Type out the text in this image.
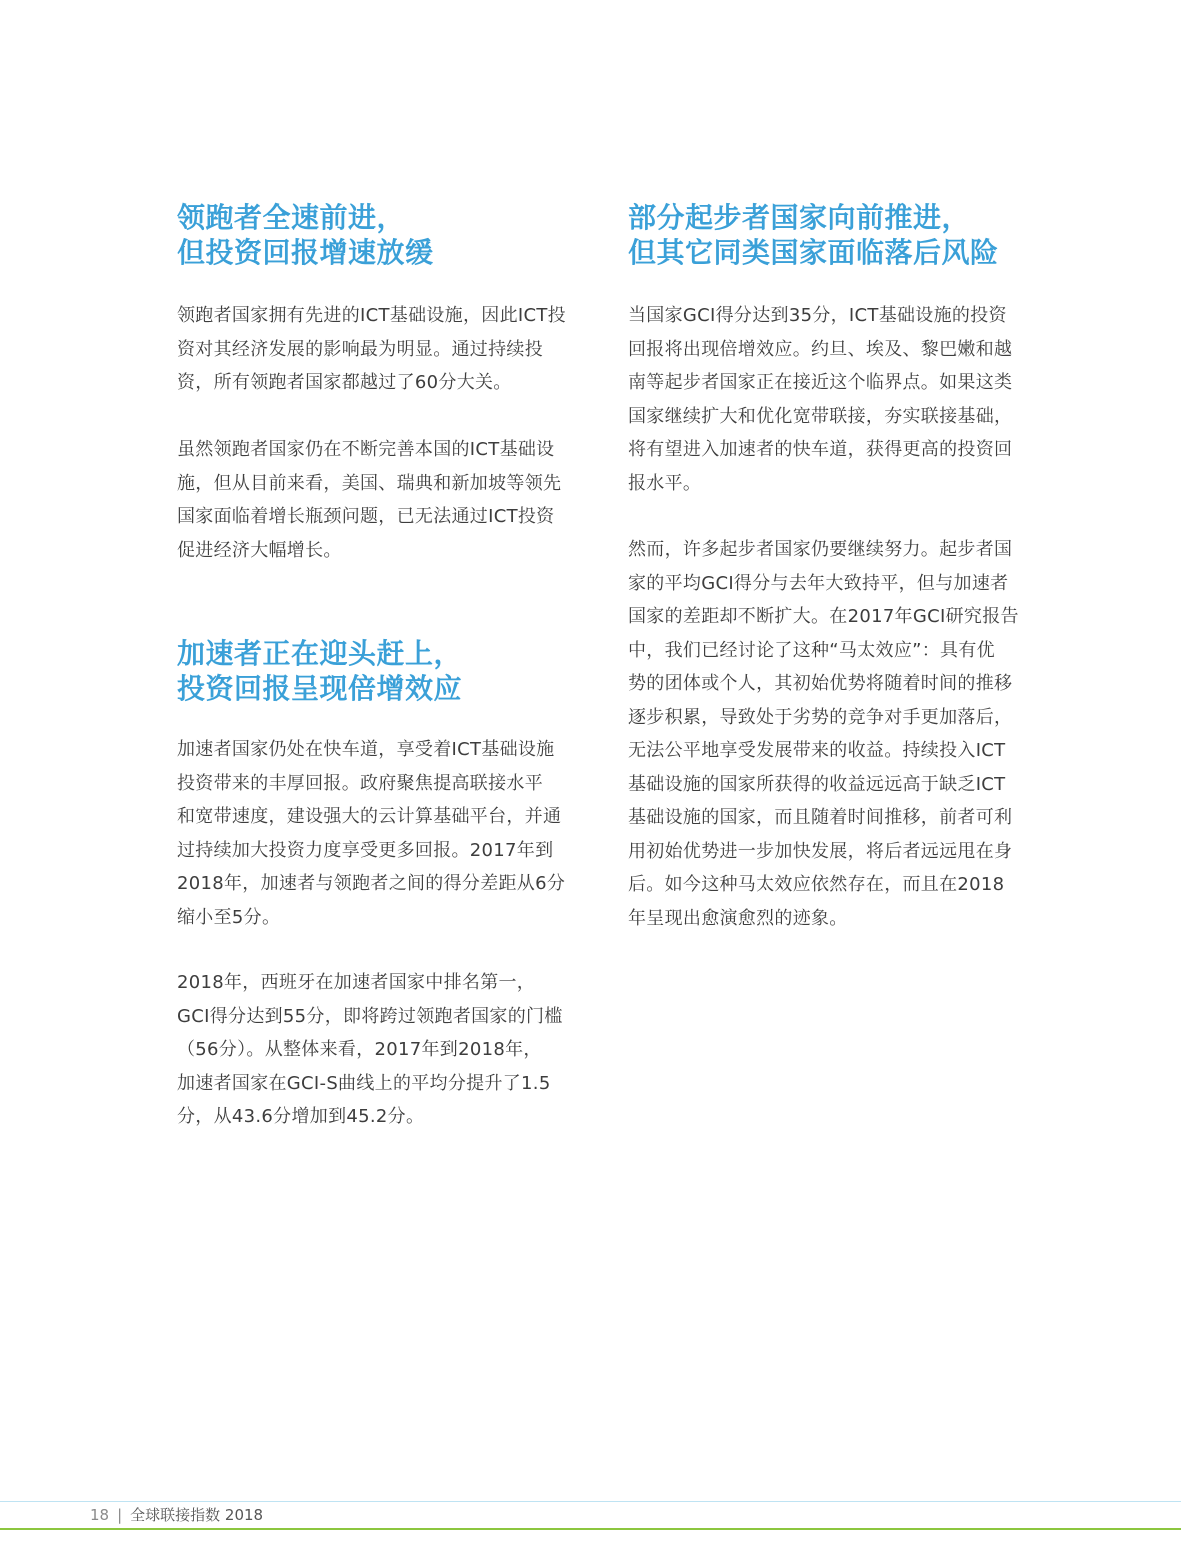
领跑者全速前进，
但投资回报增速放缓

领跑者国家拥有先进的ICT基础设施，因此ICT投
资对其经济发展的影响最为明显。通过持续投
资，所有领跑者国家都越过了60分大关。

虽然领跑者国家仍在不断完善本国的ICT基础设
施，但从目前来看，美国、瑞典和新加坡等领先
国家面临着增长瓶颈问题，已无法通过ICT投资
促进经济大幅增长。

加速者正在迎头赶上，
投资回报呈现倍增效应

加速者国家仍处在快车道，享受着ICT基础设施
投资带来的丰厚回报。政府聚焦提高联接水平
和宽带速度，建设强大的云计算基础平台，并通
过持续加大投资力度享受更多回报。2017年到
2018年，加速者与领跑者之间的得分差距从6分
缩小至5分。

2018年，西班牙在加速者国家中排名第一，
GCI得分达到55分，即将跨过领跑者国家的门槛
（56分）。从整体来看，2017年到2018年，
加速者国家在GCI-S曲线上的平均分提升了1.5
分，从43.6分增加到45.2分。

部分起步者国家向前推进，
但其它同类国家面临落后风险

当国家GCI得分达到35分，ICT基础设施的投资
回报将出现倍增效应。约旦、埃及、黎巴嫩和越
南等起步者国家正在接近这个临界点。如果这类
国家继续扩大和优化宽带联接，夯实联接基础，
将有望进入加速者的快车道，获得更高的投资回
报水平。

然而，许多起步者国家仍要继续努力。起步者国
家的平均GCI得分与去年大致持平，但与加速者
国家的差距却不断扩大。在2017年GCI研究报告
中，我们已经讨论了这种“马太效应”：具有优
势的团体或个人，其初始优势将随着时间的推移
逐步积累，导致处于劣势的竞争对手更加落后，
无法公平地享受发展带来的收益。持续投入ICT
基础设施的国家所获得的收益远远高于缺乏ICT
基础设施的国家，而且随着时间推移，前者可利
用初始优势进一步加快发展，将后者远远甩在身
后。如今这种马太效应依然存在，而且在2018
年呈现出愈演愈烈的迹象。

18 | 全球联接指数 2018
